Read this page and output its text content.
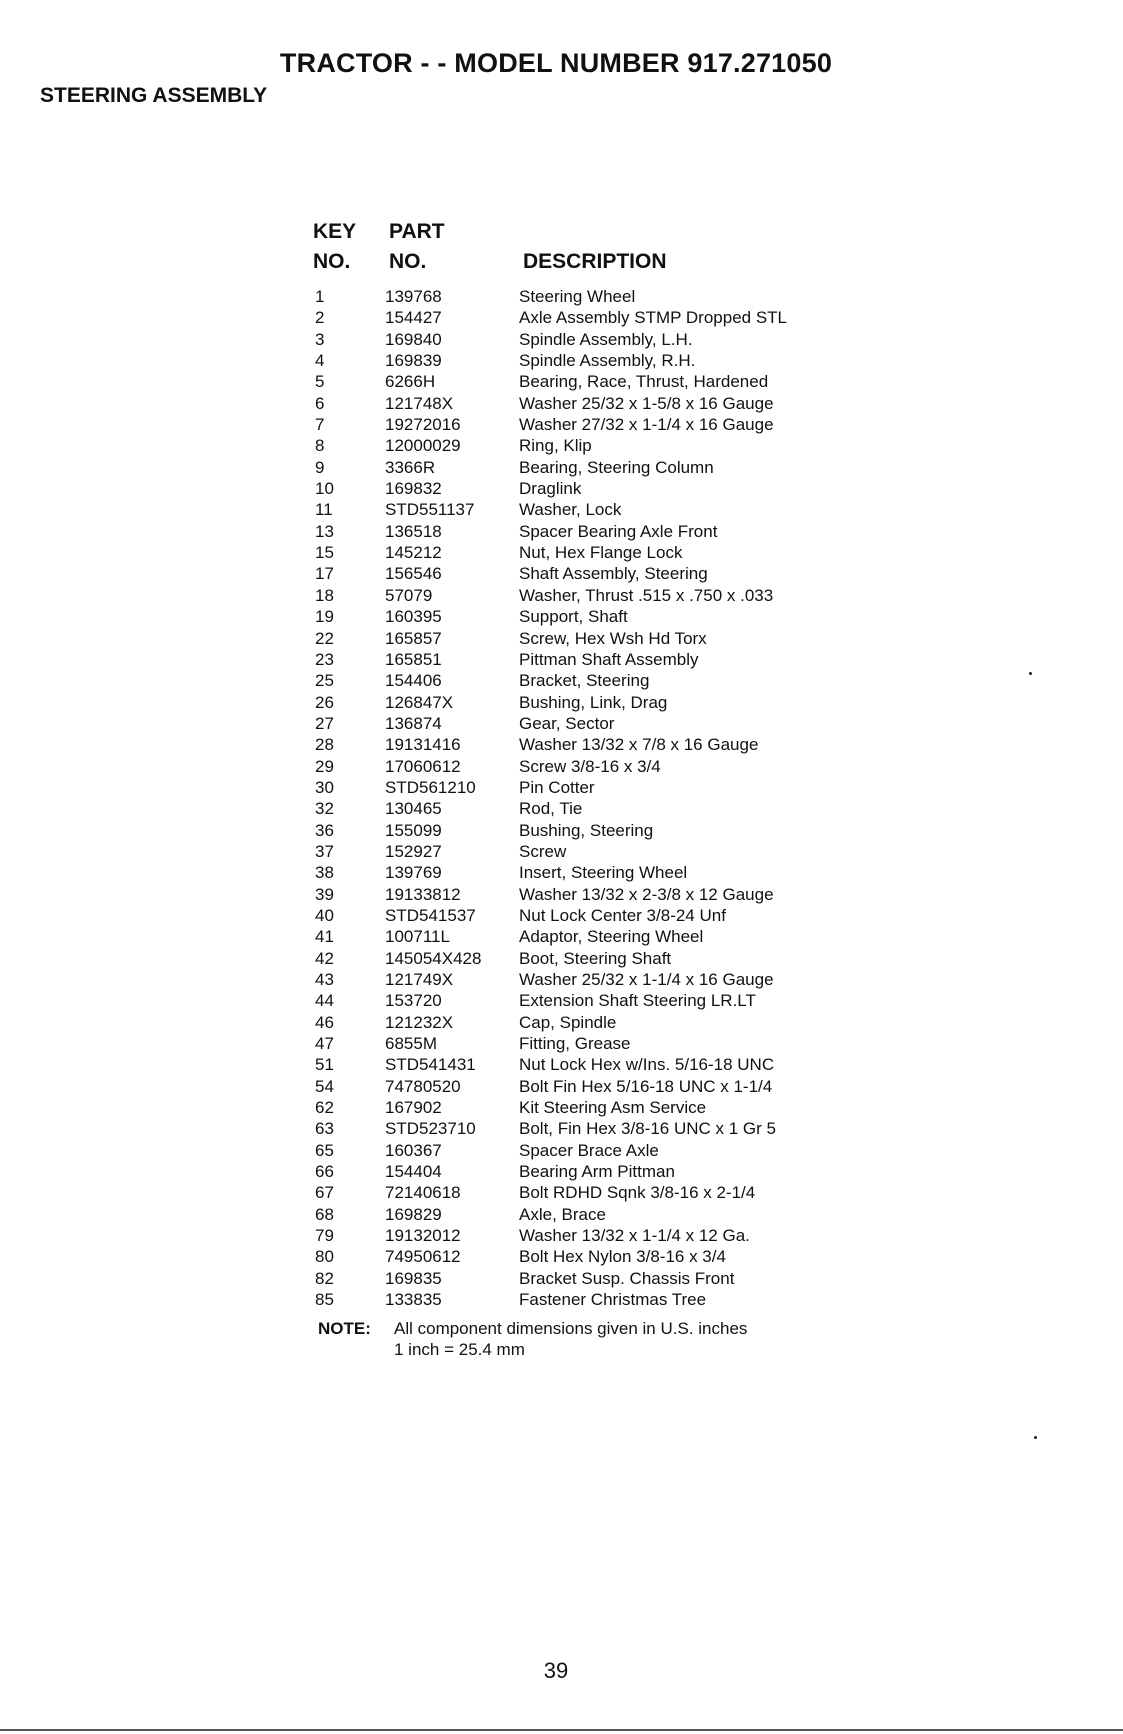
TRACTOR - - MODEL NUMBER 917.271050
STEERING ASSEMBLY
KEY
NO.
PART
NO.	DESCRIPTION
1	139768	Steering Wheel
2	154427	Axle Assembly STMP Dropped STL
3	169840	Spindle Assembly, L.H.
4	169839	Spindle Assembly, R.H.
5	6266H	Bearing, Race, Thrust, Hardened
6	121748X	Washer 25/32 x 1-5/8 x 16 Gauge
7	19272016	Washer 27/32 x 1-1/4 x 16 Gauge
8	12000029	Ring, Klip
9	3366R	Bearing, Steering Column
10	169832	Draglink
11	STD551137	Washer, Lock
13	136518	Spacer Bearing Axle Front
15	145212	Nut, Hex Flange Lock
17	156546	Shaft Assembly, Steering
18	57079	Washer, Thrust .515 x .750 x .033
19	160395	Support, Shaft
22	165857	Screw, Hex Wsh Hd Torx
23	165851	Pittman Shaft Assembly
25	154406	Bracket, Steering
26	126847X	Bushing, Link, Drag
27	136874	Gear, Sector
28	19131416	Washer 13/32 x 7/8 x 16 Gauge
29	17060612	Screw 3/8-16 x 3/4
30	STD561210	Pin Cotter
32	130465	Rod, Tie
36	155099	Bushing, Steering
37	152927	Screw
38	139769	Insert, Steering Wheel
39	19133812	Washer 13/32 x 2-3/8 x 12 Gauge
40	STD541537	Nut Lock Center 3/8-24 Unf
41	100711L	Adaptor, Steering Wheel
42	145054X428 Boot, Steering Shaft
43	121749X	Washer 25/32 x 1-1/4 x 16 Gauge
44	153720	Extension Shaft Steering LR.LT
46	121232X	Cap, Spindle
47	6855M	Fitting, Grease
51	STD541431	Nut Lock Hex w/Ins. 5/16-18 UNC
54	74780520	Bolt Fin Hex 5/16-18 UNC x 1-1/4
62	167902	Kit Steering Asm Service
63	STD523710	Bolt, Fin Hex 3/8-16 UNC x 1 Gr 5
65	160367	Spacer Brace Axle
66	154404	Bearing Arm Pittman
67	72140618	Bolt RDHD Sqnk 3/8-16 x 2-1/4
68	169829	Axle, Brace
79	19132012	Washer 13/32 x 1-1/4 x 12 Ga.
80	74950612	Bolt Hex Nylon 3/8-16 x 3/4
82	169835	Bracket Susp. Chassis Front
85	133835	Fastener Christmas Tree
NOTE: All component dimensions given in U.S. inches
1 inch = 25.4 mm
39
